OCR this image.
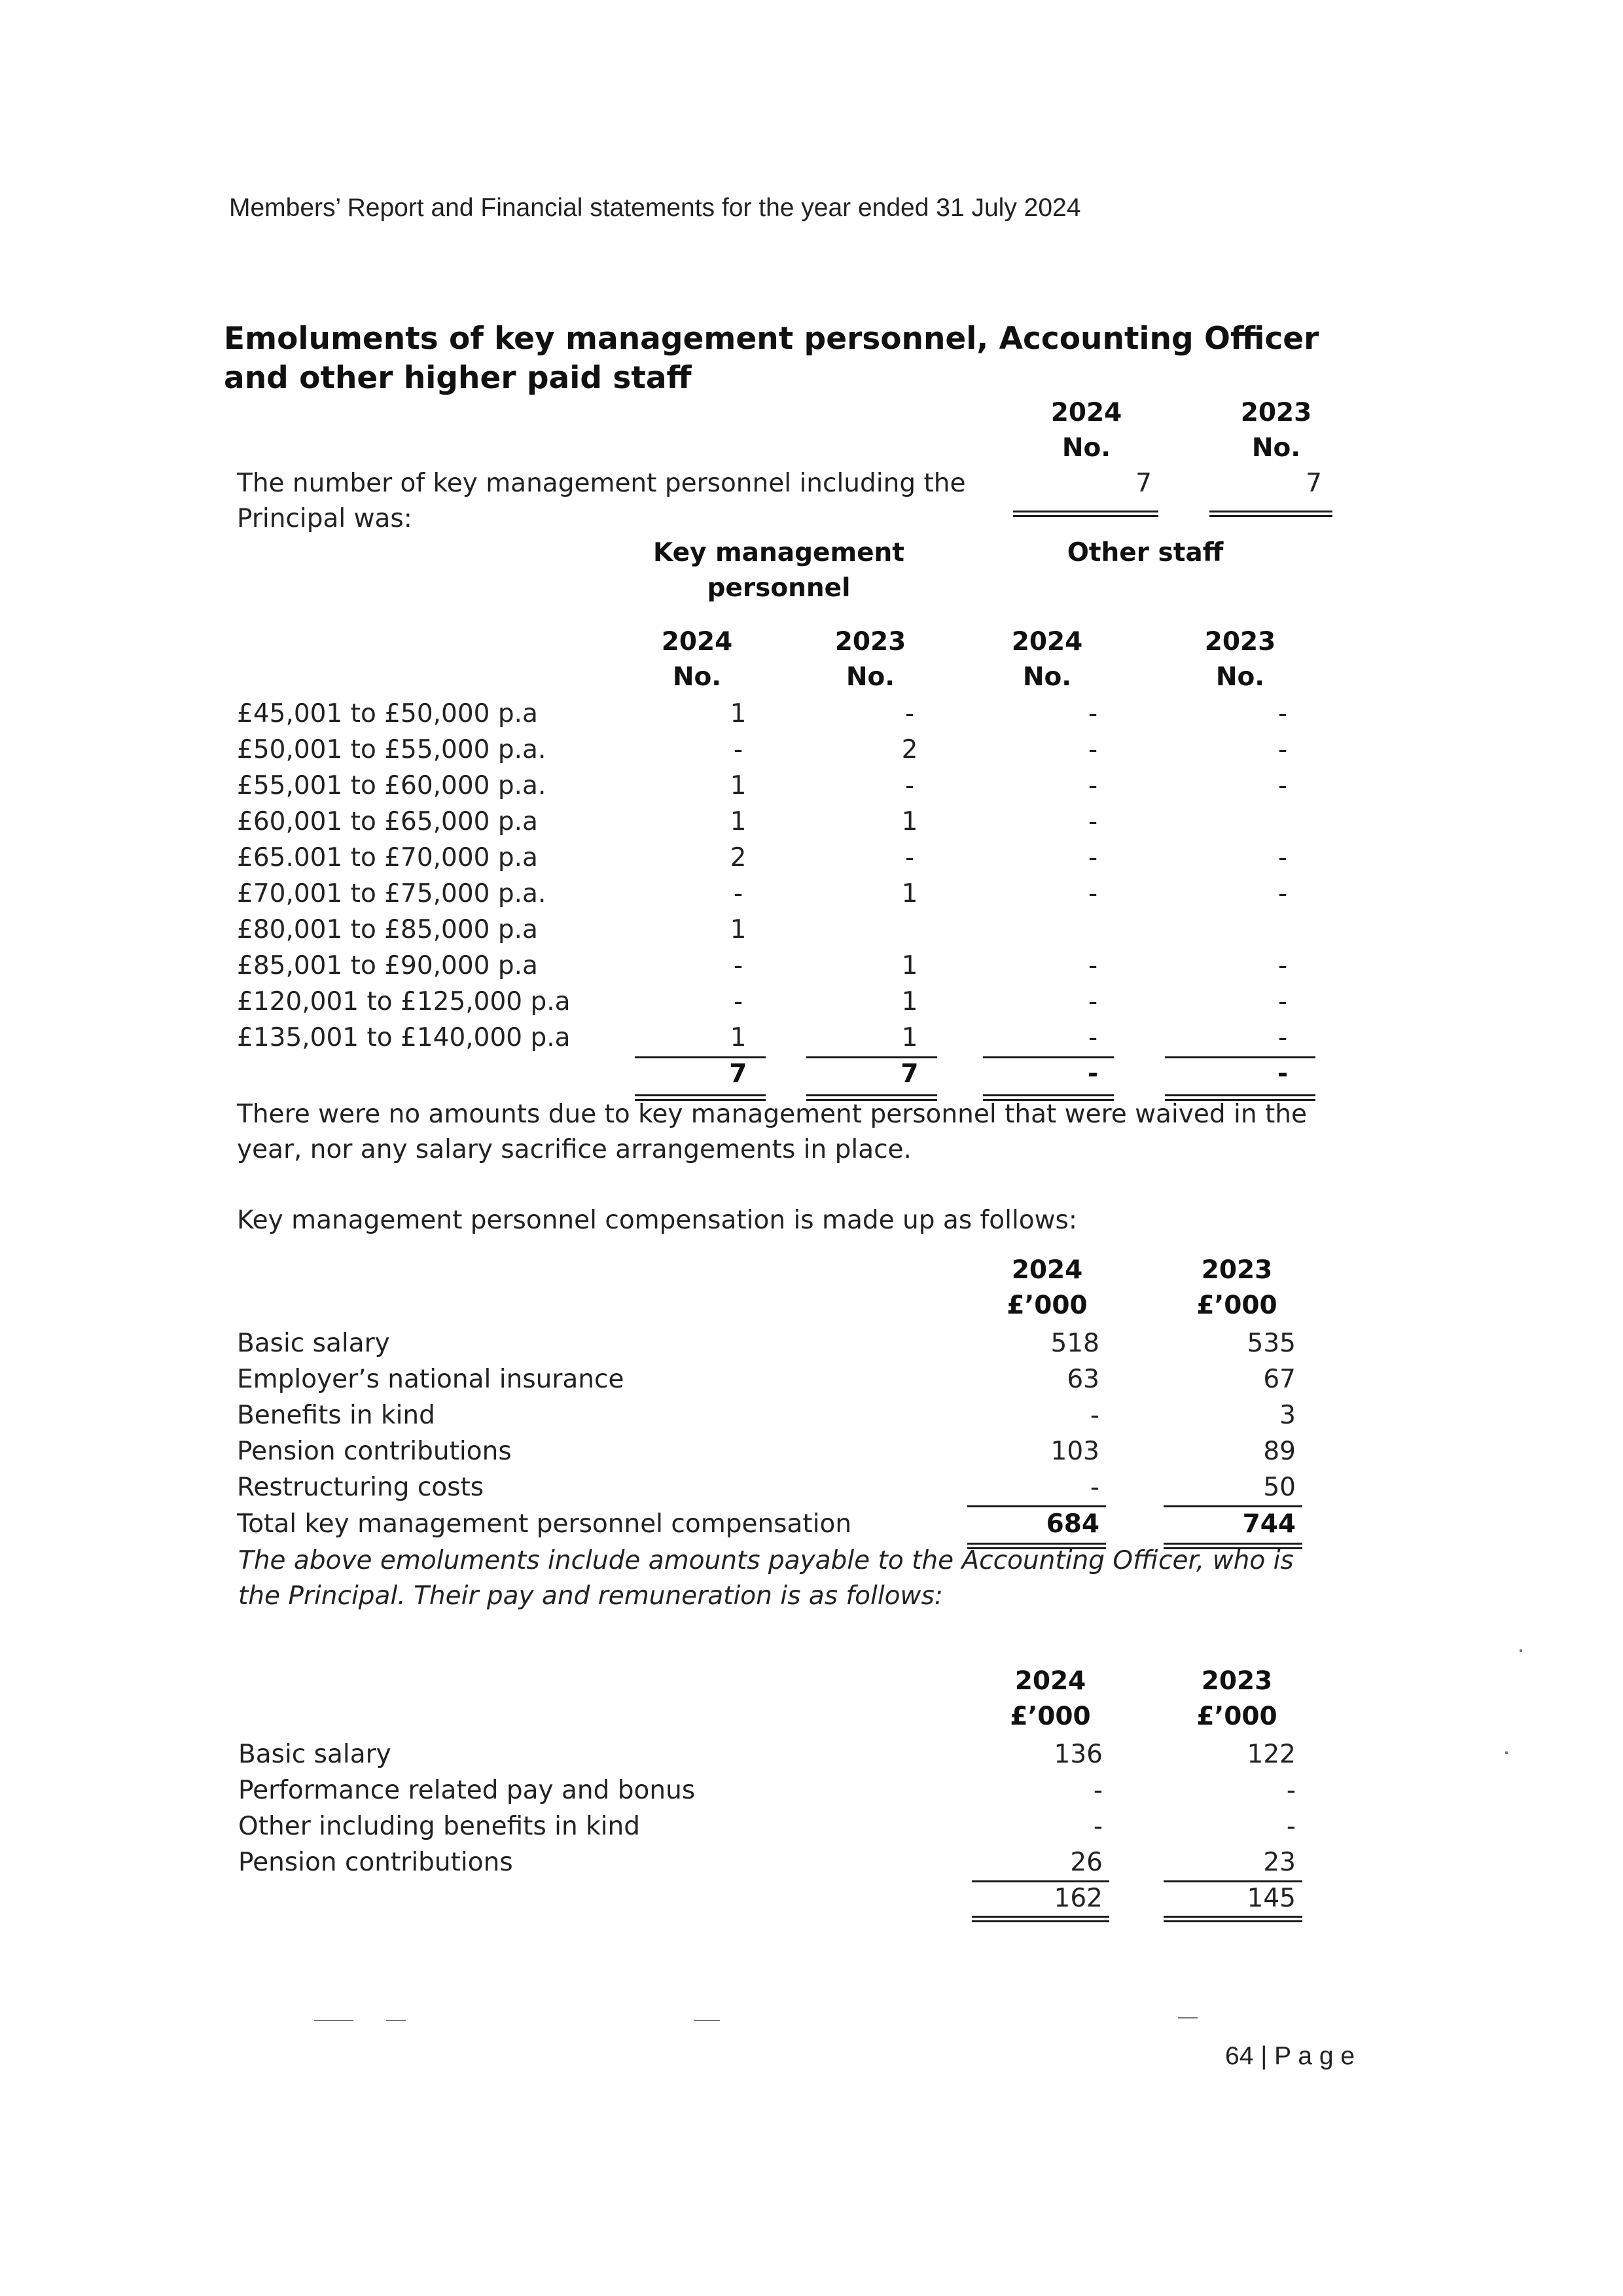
Members’ Report and Financial statements for the year ended 31 July 2024
Emoluments of key management personnel, Accounting Officer
and other higher paid staff
2024	2023
No.	No.
The number of key management personnel including the
Principal was:
7	7
Key management
personnel
Other staff
2024	2023	2024	2023
No.	No.	No.	No.
£45,001 to £50,000 p.a	1	-	-	-
£50,001 to £55,000 p.a.	-	2	-	-
£55,001 to £60,000 p.a.	1	-	-	-
£60,001 to £65,000 p.a	1	1	-
£65.001 to £70,000 p.a	2	-	-	-
£70,001 to £75,000 p.a.	-	1	-	-
£80,001 to £85,000 p.a	1
£85,001 to £90,000 p.a	-	1	-	-
£120,001 to £125,000 p.a	-	1	-	-
£135,001 to £140,000 p.a	1	1	-	-
7	7	-	-
There were no amounts due to key management personnel that were waived in the
year, nor any salary sacrifice arrangements in place.
Key management personnel compensation is made up as follows:
2024	2023
£’000	£’000
Basic salary	518	535
Employer’s national insurance	63	67
Benefits in kind	-	3
Pension contributions	103	89
Restructuring costs	-	50
Total key management personnel compensation	684	744
The above emoluments include amounts payable to the Accounting Officer, who is
the Principal. Their pay and remuneration is as follows:
2024	2023
£’000	£’000
Basic salary	136	122
Performance related pay and bonus	-	-
Other including benefits in kind	-	-
Pension contributions	26	23
162	145
64 | P a g e
